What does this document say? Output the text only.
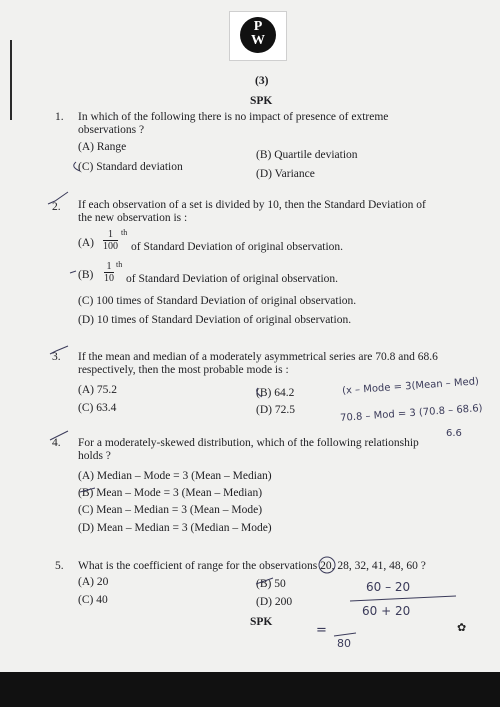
P
W
(3)
SPK
1. In which of the following there is no impact of presence of extreme
observations ?
(A) Range
(B) Quartile deviation
(C) Standard deviation
(D) Variance
2. If each observation of a set is divided by 10, then the Standard Deviation of
the new observation is :
$(A) \frac{1}{100}$ th
of Standard Deviation of original observation.
$(B) \frac{1}{10}$ th
of Standard Deviation of original observation.
(C) 100 times of Standard Deviation of original observation.
(D) 10 times of Standard Deviation of original observation.
3. If the mean and median of a moderately asymmetrical series are 70.8 and 68.6
respectively, then the most probable mode is :
(A) 75.2	(B) 64.2
(C) 63.4	(D) 72.5
4. For a moderately-skewed distribution, which of the following relationship
holds ?
(A) Median – Mode = 3 (Mean – Median)
(B) Mean – Mode = 3 (Mean – Median)
(C) Mean – Median = 3 (Mean – Mode)
(D) Mean – Median = 3 (Median – Mode)
5. What is the coefficient of range for the observations 20, 28, 32, 41, 48, 60 ?
(A) 20	(B) 50
(C) 40	(D) 200
SPK	✿
(x – Mode = 3(Mean – Med)
70.8 – Mod = 3 (70.8 – 68.6)
6.6
60 – 20
60 + 20
=
80
